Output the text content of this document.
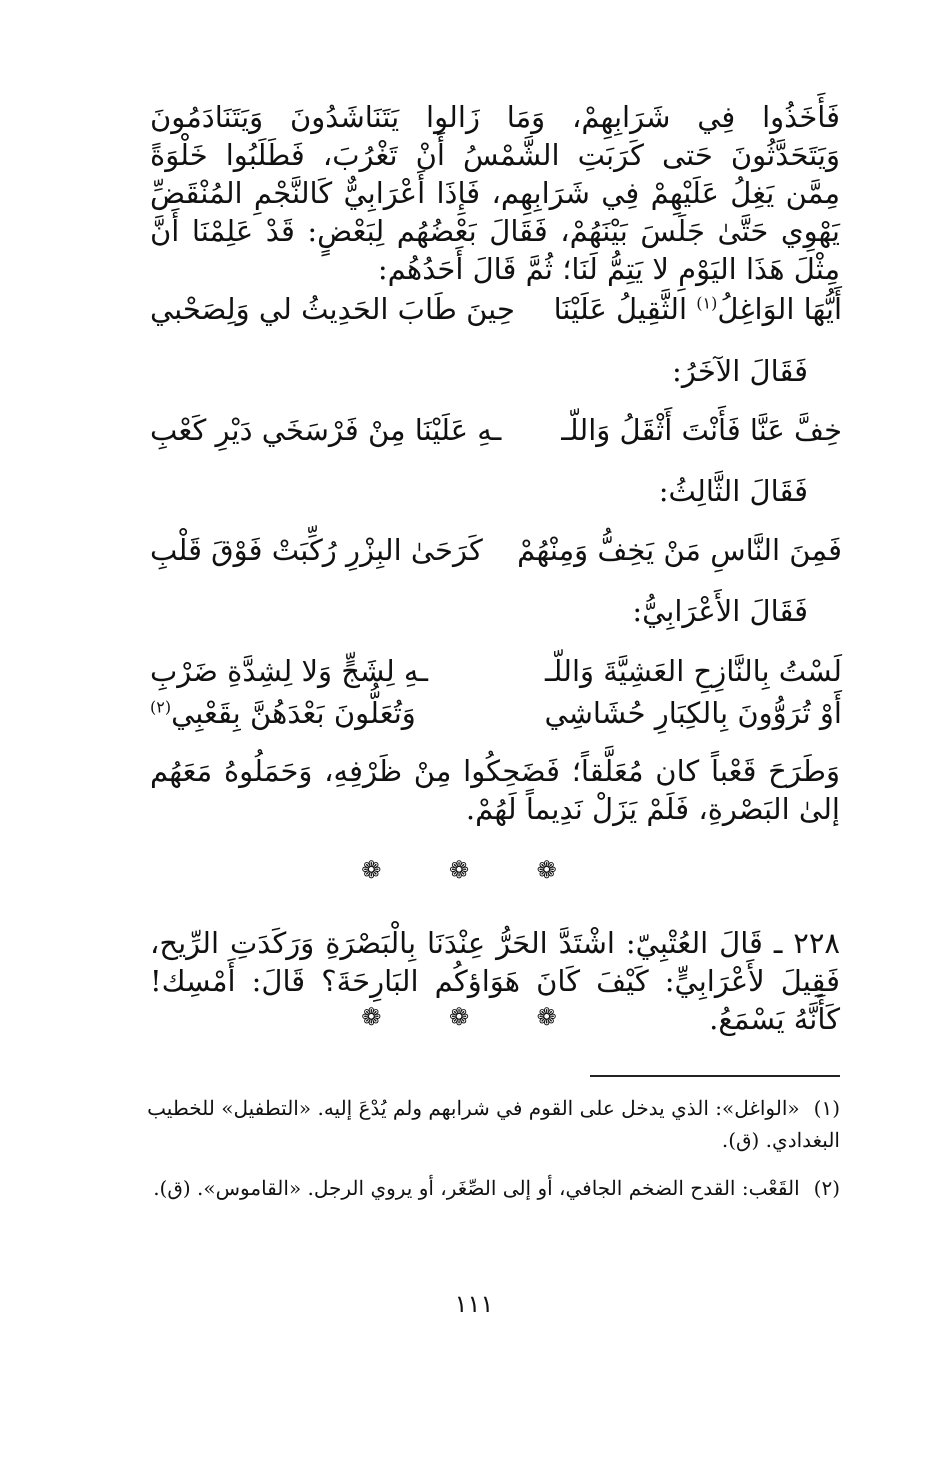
فَأَخَذُوا فِي شَرَابِهِمْ، وَمَا زَالوا يَتَنَاشَدُونَ وَيَتَنَادَمُونَ وَيَتَحَدَّثُونَ حَتى كَرَبَتِ الشَّمْسُ أَنْ تَغْرُبَ، فَطَلَبُوا خَلْوَةً مِمَّن يَغِلُ عَلَيْهِمْ فِي شَرَابِهِم، فَإِذَا أَعْرَابِيٌّ كَالنَّجْمِ المُنْقَضِّ يَهْوِي حَتَّىٰ جَلَسَ بَيْنَهُمْ، فَقَالَ بَعْضُهُم لِبَعْضٍ: قَدْ عَلِمْنَا أَنَّ مِثْلَ هَذَا اليَوْمِ لا يَتِمُّ لَنَا؛ ثُمَّ قَالَ أَحَدُهُم:

أَيُّهَا الوَاغِلُ$^{(١)}$ الثَّقِيلُ عَلَيْنَا
حِينَ طَابَ الحَدِيثُ لي وَلِصَحْبي
فَقَالَ الآخَرُ:
خِفَّ عَنَّا فَأَنْتَ أَثْقَلُ وَاللّـ
ـهِ عَلَيْنَا مِنْ فَرْسَخَي دَيْرِ كَعْبِ
فَقَالَ الثَّالِثُ:
فَمِنَ النَّاسِ مَنْ يَخِفُّ وَمِنْهُمْ
كَرَحَىٰ البِزْرِ رُكِّبَتْ فَوْقَ قَلْبِ
فَقَالَ الأَعْرَابِيُّ:
لَسْتُ بِالنَّازِحِ العَشِيَّةَ وَاللّـ
ـهِ لِشَجٍّ وَلا لِشِدَّةِ ضَرْبِ
أَوْ تُرَوُّونَ بِالكِبَارِ حُشَاشِي
وَتُعَلُّونَ بَعْدَهُنَّ بِقَعْبِي$^{(٢)}$

وَطَرَحَ قَعْباً كان مُعَلَّقاً؛ فَضَحِكُوا مِنْ ظَرْفِهِ، وَحَمَلُوهُ مَعَهُم إلىٰ البَصْرةِ، فَلَمْ يَزَلْ نَدِيماً لَهُمْ.

❁ ❁ ❁

٢٢٨ ـ قَالَ العُتْبِيّ: اشْتَدَّ الحَرُّ عِنْدَنَا بِالْبَصْرَةِ وَرَكَدَتِ الرِّيح، فَقِيلَ لأَعْرَابِيٍّ: كَيْفَ كَانَ هَوَاؤكُم البَارِحَةَ؟ قَالَ: أَمْسِك! كَأَنَّهُ يَسْمَعُ.

❁ ❁ ❁

(١)«الواغل»: الذي يدخل على القوم في شرابهم ولم يُدْعَ إليه. «التطفيل» للخطيب البغدادي. (ق).

(٢)القَعْب: القدح الضخم الجافي، أو إلى الصِّغَر، أو يروي الرجل. «القاموس». (ق).

١١١
